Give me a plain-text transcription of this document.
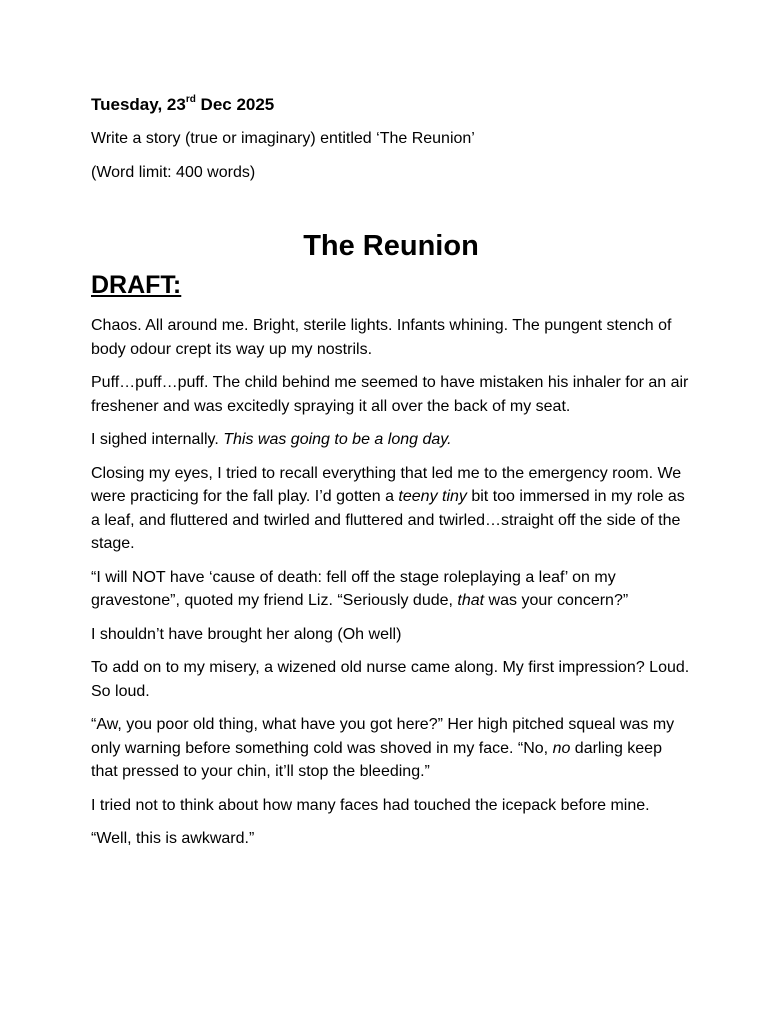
Tuesday, 23rd Dec 2025
Write a story (true or imaginary) entitled ‘The Reunion’
(Word limit: 400 words)
The Reunion
DRAFT:

Chaos. All around me. Bright, sterile lights. Infants whining. The pungent stench of body odour crept its way up my nostrils.

Puff…puff…puff. The child behind me seemed to have mistaken his inhaler for an air freshener and was excitedly spraying it all over the back of my seat.

I sighed internally. This was going to be a long day.

Closing my eyes, I tried to recall everything that led me to the emergency room. We were practicing for the fall play. I’d gotten a teeny tiny bit too immersed in my role as a leaf, and fluttered and twirled and fluttered and twirled…straight off the side of the stage.

“I will NOT have ‘cause of death: fell off the stage roleplaying a leaf’ on my gravestone”, quoted my friend Liz. “Seriously dude, that was your concern?”

I shouldn’t have brought her along (Oh well)

To add on to my misery, a wizened old nurse came along. My first impression? Loud. So loud.

“Aw, you poor old thing, what have you got here?” Her high pitched squeal was my only warning before something cold was shoved in my face. “No, no darling keep that pressed to your chin, it’ll stop the bleeding.”

I tried not to think about how many faces had touched the icepack before mine.

“Well, this is awkward.”
